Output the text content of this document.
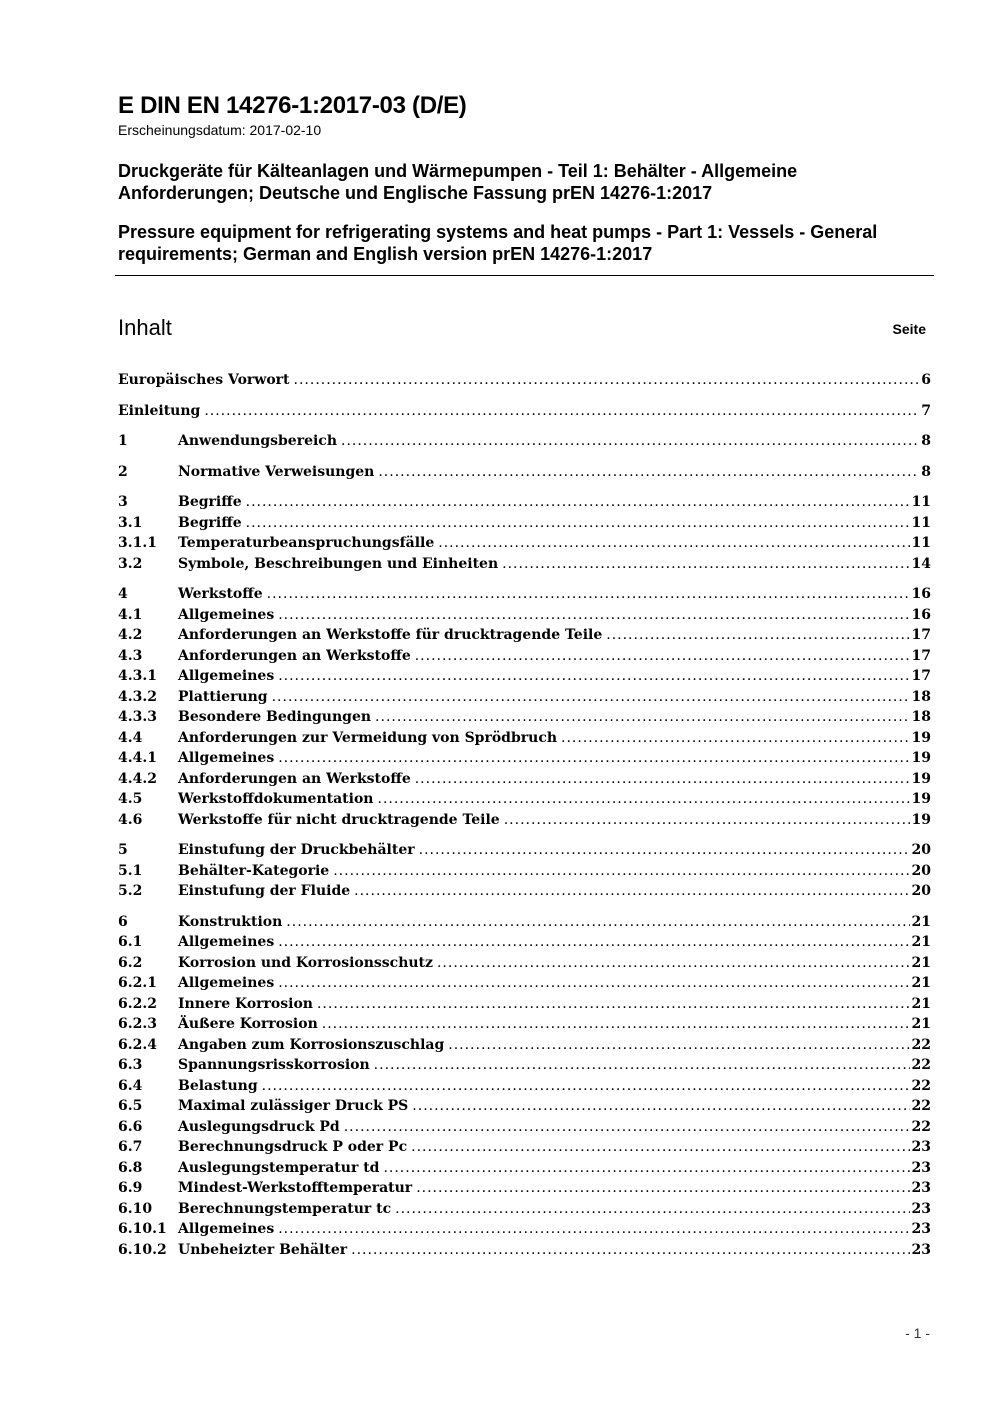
E DIN EN 14276-1:2017-03 (D/E)
Erscheinungsdatum: 2017-02-10
Druckgeräte für Kälteanlagen und Wärmepumpen - Teil 1: Behälter - Allgemeine Anforderungen; Deutsche und Englische Fassung prEN 14276-1:2017
Pressure equipment for refrigerating systems and heat pumps - Part 1: Vessels - General requirements; German and English version prEN 14276-1:2017
Inhalt	Seite
Europäisches Vorwort .....	6
Einleitung .....	7
1	Anwendungsbereich .....	8
2	Normative Verweisungen .....	8
3	Begriffe .....	11
3.1	Begriffe .....	11
3.1.1	Temperaturbeanspruchungsfälle .....	11
3.2	Symbole, Beschreibungen und Einheiten .....	14
4	Werkstoffe .....	16
4.1	Allgemeines .....	16
4.2	Anforderungen an Werkstoffe für drucktragende Teile .....	17
4.3	Anforderungen an Werkstoffe .....	17
4.3.1	Allgemeines .....	17
4.3.2	Plattierung .....	18
4.3.3	Besondere Bedingungen .....	18
4.4	Anforderungen zur Vermeidung von Sprödbruch .....	19
4.4.1	Allgemeines .....	19
4.4.2	Anforderungen an Werkstoffe .....	19
4.5	Werkstoffdokumentation .....	19
4.6	Werkstoffe für nicht drucktragende Teile .....	19
5	Einstufung der Druckbehälter .....	20
5.1	Behälter-Kategorie .....	20
5.2	Einstufung der Fluide .....	20
6	Konstruktion .....	21
6.1	Allgemeines .....	21
6.2	Korrosion und Korrosionsschutz .....	21
6.2.1	Allgemeines .....	21
6.2.2	Innere Korrosion .....	21
6.2.3	Äußere Korrosion .....	21
6.2.4	Angaben zum Korrosionszuschlag .....	22
6.3	Spannungsrisskorrosion .....	22
6.4	Belastung .....	22
6.5	Maximal zulässiger Druck PS .....	22
6.6	Auslegungsdruck Pd .....	22
6.7	Berechnungsdruck P oder Pc .....	23
6.8	Auslegungstemperatur td .....	23
6.9	Mindest-Werkstofftemperatur .....	23
6.10	Berechnungstemperatur tc .....	23
6.10.1 Allgemeines .....	23
6.10.2 Unbeheizter Behälter .....	23
- 1 -
